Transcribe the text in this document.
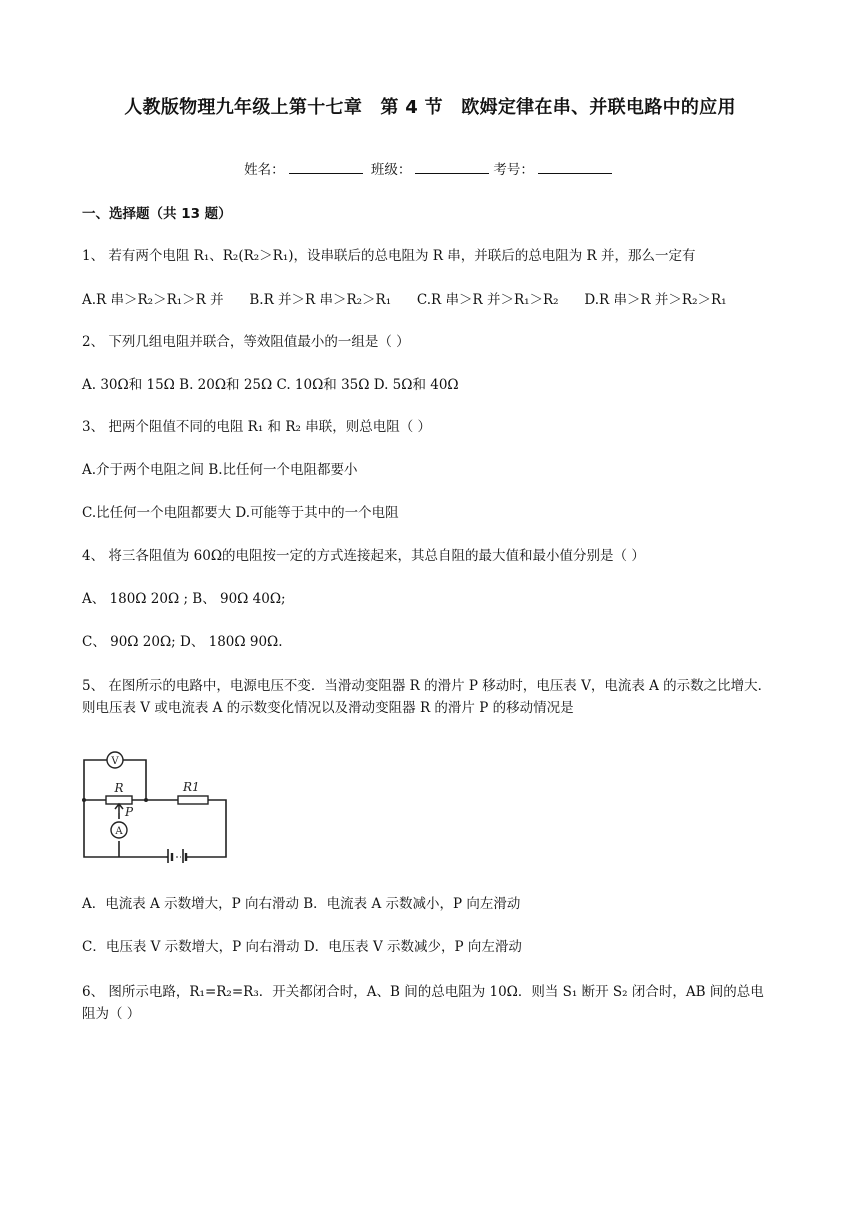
人教版物理九年级上第十七章　第 4 节　欧姆定律在串、并联电路中的应用
姓名：	班级：	考号：
一、选择题（共 13 题）
1、 若有两个电阻 R₁、R₂(R₂＞R₁)，设串联后的总电阻为 R 串，并联后的总电阻为 R 并，那么一定有
A.R 串＞R₂＞R₁＞R 并 B.R 并＞R 串＞R₂＞R₁ C.R 串＞R 并＞R₁＞R₂ D.R 串＞R 并＞R₂＞R₁
2、 下列几组电阻并联合，等效阻值最小的一组是（ ）
A. 30Ω和 15Ω B. 20Ω和 25Ω C. 10Ω和 35Ω D. 5Ω和 40Ω
3、 把两个阻值不同的电阻 R₁ 和 R₂ 串联，则总电阻（ ）
A.介于两个电阻之间 B.比任何一个电阻都要小
C.比任何一个电阻都要大 D.可能等于其中的一个电阻
4、 将三各阻值为 60Ω的电阻按一定的方式连接起来，其总自阻的最大值和最小值分别是（ ）
A、 180Ω 20Ω ; B、 90Ω 40Ω;
C、 90Ω 20Ω; D、 180Ω 90Ω.
5、 在图所示的电路中，电源电压不变．当滑动变阻器 R 的滑片 P 移动时，电压表 V，电流表 A 的示数之比增大．则电压表 V 或电流表 A 的示数变化情况以及滑动变阻器 R 的滑片 P 的移动情况是
V
R
P
A
R1
A．电流表 A 示数增大，P 向右滑动 B．电流表 A 示数减小，P 向左滑动
C．电压表 V 示数增大，P 向右滑动 D．电压表 V 示数减少，P 向左滑动
6、 图所示电路，R₁=R₂=R₃．开关都闭合时，A、B 间的总电阻为 10Ω．则当 S₁ 断开 S₂ 闭合时，AB 间的总电阻为（ ）
